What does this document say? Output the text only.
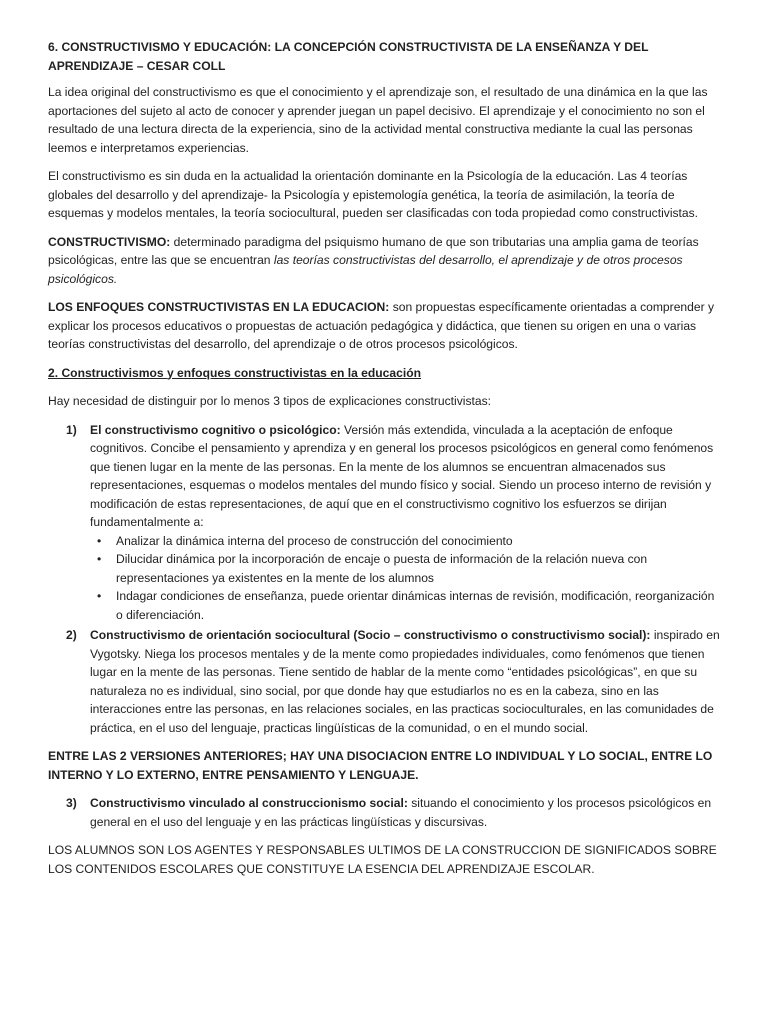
6. CONSTRUCTIVISMO Y EDUCACIÓN: LA CONCEPCIÓN CONSTRUCTIVISTA DE LA ENSEÑANZA Y DEL APRENDIZAJE – CESAR COLL

La idea original del constructivismo es que el conocimiento y el aprendizaje son, el resultado de una dinámica en la que las aportaciones del sujeto al acto de conocer y aprender juegan un papel decisivo. El aprendizaje y el conocimiento no son el resultado de una lectura directa de la experiencia, sino de la actividad mental constructiva mediante la cual las personas leemos e interpretamos experiencias.

El constructivismo es sin duda en la actualidad la orientación dominante en la Psicología de la educación. Las 4 teorías globales del desarrollo y del aprendizaje- la Psicología y epistemología genética, la teoría de asimilación, la teoría de esquemas y modelos mentales, la teoría sociocultural, pueden ser clasificadas con toda propiedad como constructivistas.

CONSTRUCTIVISMO: determinado paradigma del psiquismo humano de que son tributarias una amplia gama de teorías psicológicas, entre las que se encuentran las teorías constructivistas del desarrollo, el aprendizaje y de otros procesos psicológicos.

LOS ENFOQUES CONSTRUCTIVISTAS EN LA EDUCACION: son propuestas específicamente orientadas a comprender y explicar los procesos educativos o propuestas de actuación pedagógica y didáctica, que tienen su origen en una o varias teorías constructivistas del desarrollo, del aprendizaje o de otros procesos psicológicos.

2. Constructivismos y enfoques constructivistas en la educación

Hay necesidad de distinguir por lo menos 3 tipos de explicaciones constructivistas:

1) El constructivismo cognitivo o psicológico: Versión más extendida, vinculada a la aceptación de enfoque cognitivos. Concibe el pensamiento y aprendiza y en general los procesos psicológicos en general como fenómenos que tienen lugar en la mente de las personas. En la mente de los alumnos se encuentran almacenados sus representaciones, esquemas o modelos mentales del mundo físico y social. Siendo un proceso interno de revisión y modificación de estas representaciones, de aquí que en el constructivismo cognitivo los esfuerzos se dirijan fundamentalmente a:
• Analizar la dinámica interna del proceso de construcción del conocimiento
• Dilucidar dinámica por la incorporación de encaje o puesta de información de la relación nueva con representaciones ya existentes en la mente de los alumnos
• Indagar condiciones de enseñanza, puede orientar dinámicas internas de revisión, modificación, reorganización o diferenciación.
2) Constructivismo de orientación sociocultural (Socio – constructivismo o constructivismo social): inspirado en Vygotsky. Niega los procesos mentales y de la mente como propiedades individuales, como fenómenos que tienen lugar en la mente de las personas. Tiene sentido de hablar de la mente como “entidades psicológicas”, en que su naturaleza no es individual, sino social, por que donde hay que estudiarlos no es en la cabeza, sino en las interacciones entre las personas, en las relaciones sociales, en las practicas socioculturales, en las comunidades de práctica, en el uso del lenguaje, practicas lingüísticas de la comunidad, o en el mundo social.

ENTRE LAS 2 VERSIONES ANTERIORES; HAY UNA DISOCIACION ENTRE LO INDIVIDUAL Y LO SOCIAL, ENTRE LO INTERNO Y LO EXTERNO, ENTRE PENSAMIENTO Y LENGUAJE.

3) Constructivismo vinculado al construccionismo social: situando el conocimiento y los procesos psicológicos en general en el uso del lenguaje y en las prácticas lingüísticas y discursivas.

LOS ALUMNOS SON LOS AGENTES Y RESPONSABLES ULTIMOS DE LA CONSTRUCCION DE SIGNIFICADOS SOBRE LOS CONTENIDOS ESCOLARES QUE CONSTITUYE LA ESENCIA DEL APRENDIZAJE ESCOLAR.
